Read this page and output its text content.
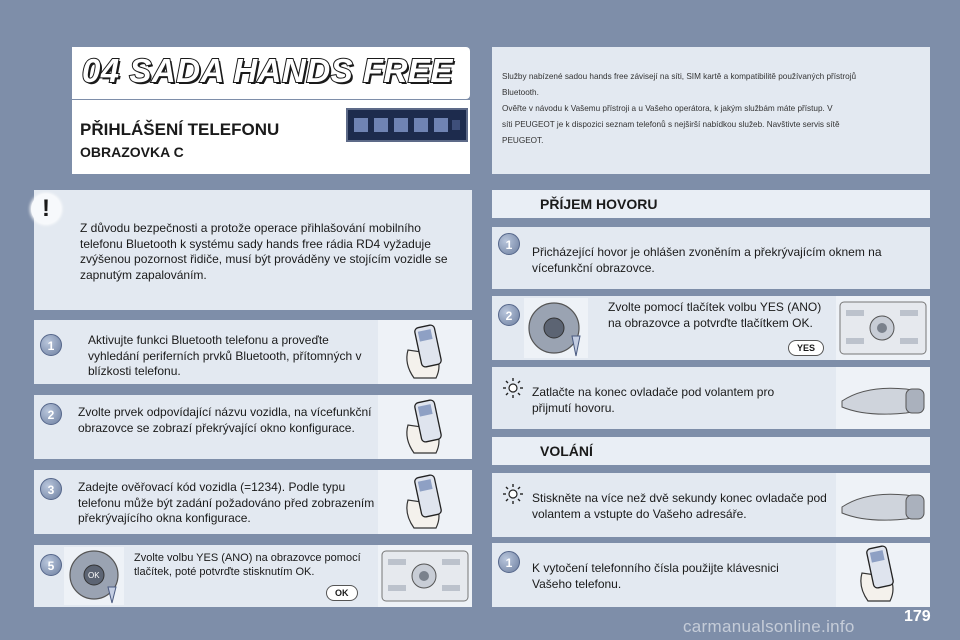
04 SADA HANDS FREE
PŘIHLÁŠENÍ TELEFONU
OBRAZOVKA C
Služby nabízené sadou hands free závisejí na síti, SIM kartě a kompatibilitě používaných přístrojů
Bluetooth.
Ověřte v návodu k Vašemu přístroji a u Vašeho operátora, k jakým službám máte přístup. V
síti PEUGEOT je k dispozici seznam telefonů s nejširší nabídkou služeb. Navštivte servis sítě
PEUGEOT.
!
Z důvodu bezpečnosti a protože operace přihlašování mobilního telefonu Bluetooth k systému sady hands free rádia RD4 vyžaduje zvýšenou pozornost řidiče, musí být prováděny ve stojícím vozidle se zapnutým zapalováním.
1	Aktivujte funkci Bluetooth telefonu a proveďte vyhledání periferních prvků Bluetooth, přítomných v blízkosti telefonu.
2	Zvolte prvek odpovídající názvu vozidla, na vícefunkční obrazovce se zobrazí překrývající okno konfigurace.
3	Zadejte ověřovací kód vozidla (=1234). Podle typu telefonu může být zadání požadováno před zobrazením překrývajícího okna konfigurace.
5
OK
Zvolte volbu YES (ANO) na obrazovce pomocí tlačítek, poté potvrďte stisknutím OK.
OK
PŘÍJEM HOVORU
1	Přicházející hovor je ohlášen zvoněním a překrývajícím oknem na vícefunkční obrazovce.
2
Zvolte pomocí tlačítek volbu YES (ANO) na obrazovce a potvrďte tlačítkem OK.
YES
Zatlačte na konec ovladače pod volantem pro přijmutí hovoru.
VOLÁNÍ
Stiskněte na více než dvě sekundy konec ovladače pod volantem a vstupte do Vašeho adresáře.
1	K vytočení telefonního čísla použijte klávesnici Vašeho telefonu.
179
carmanualsonline.info
